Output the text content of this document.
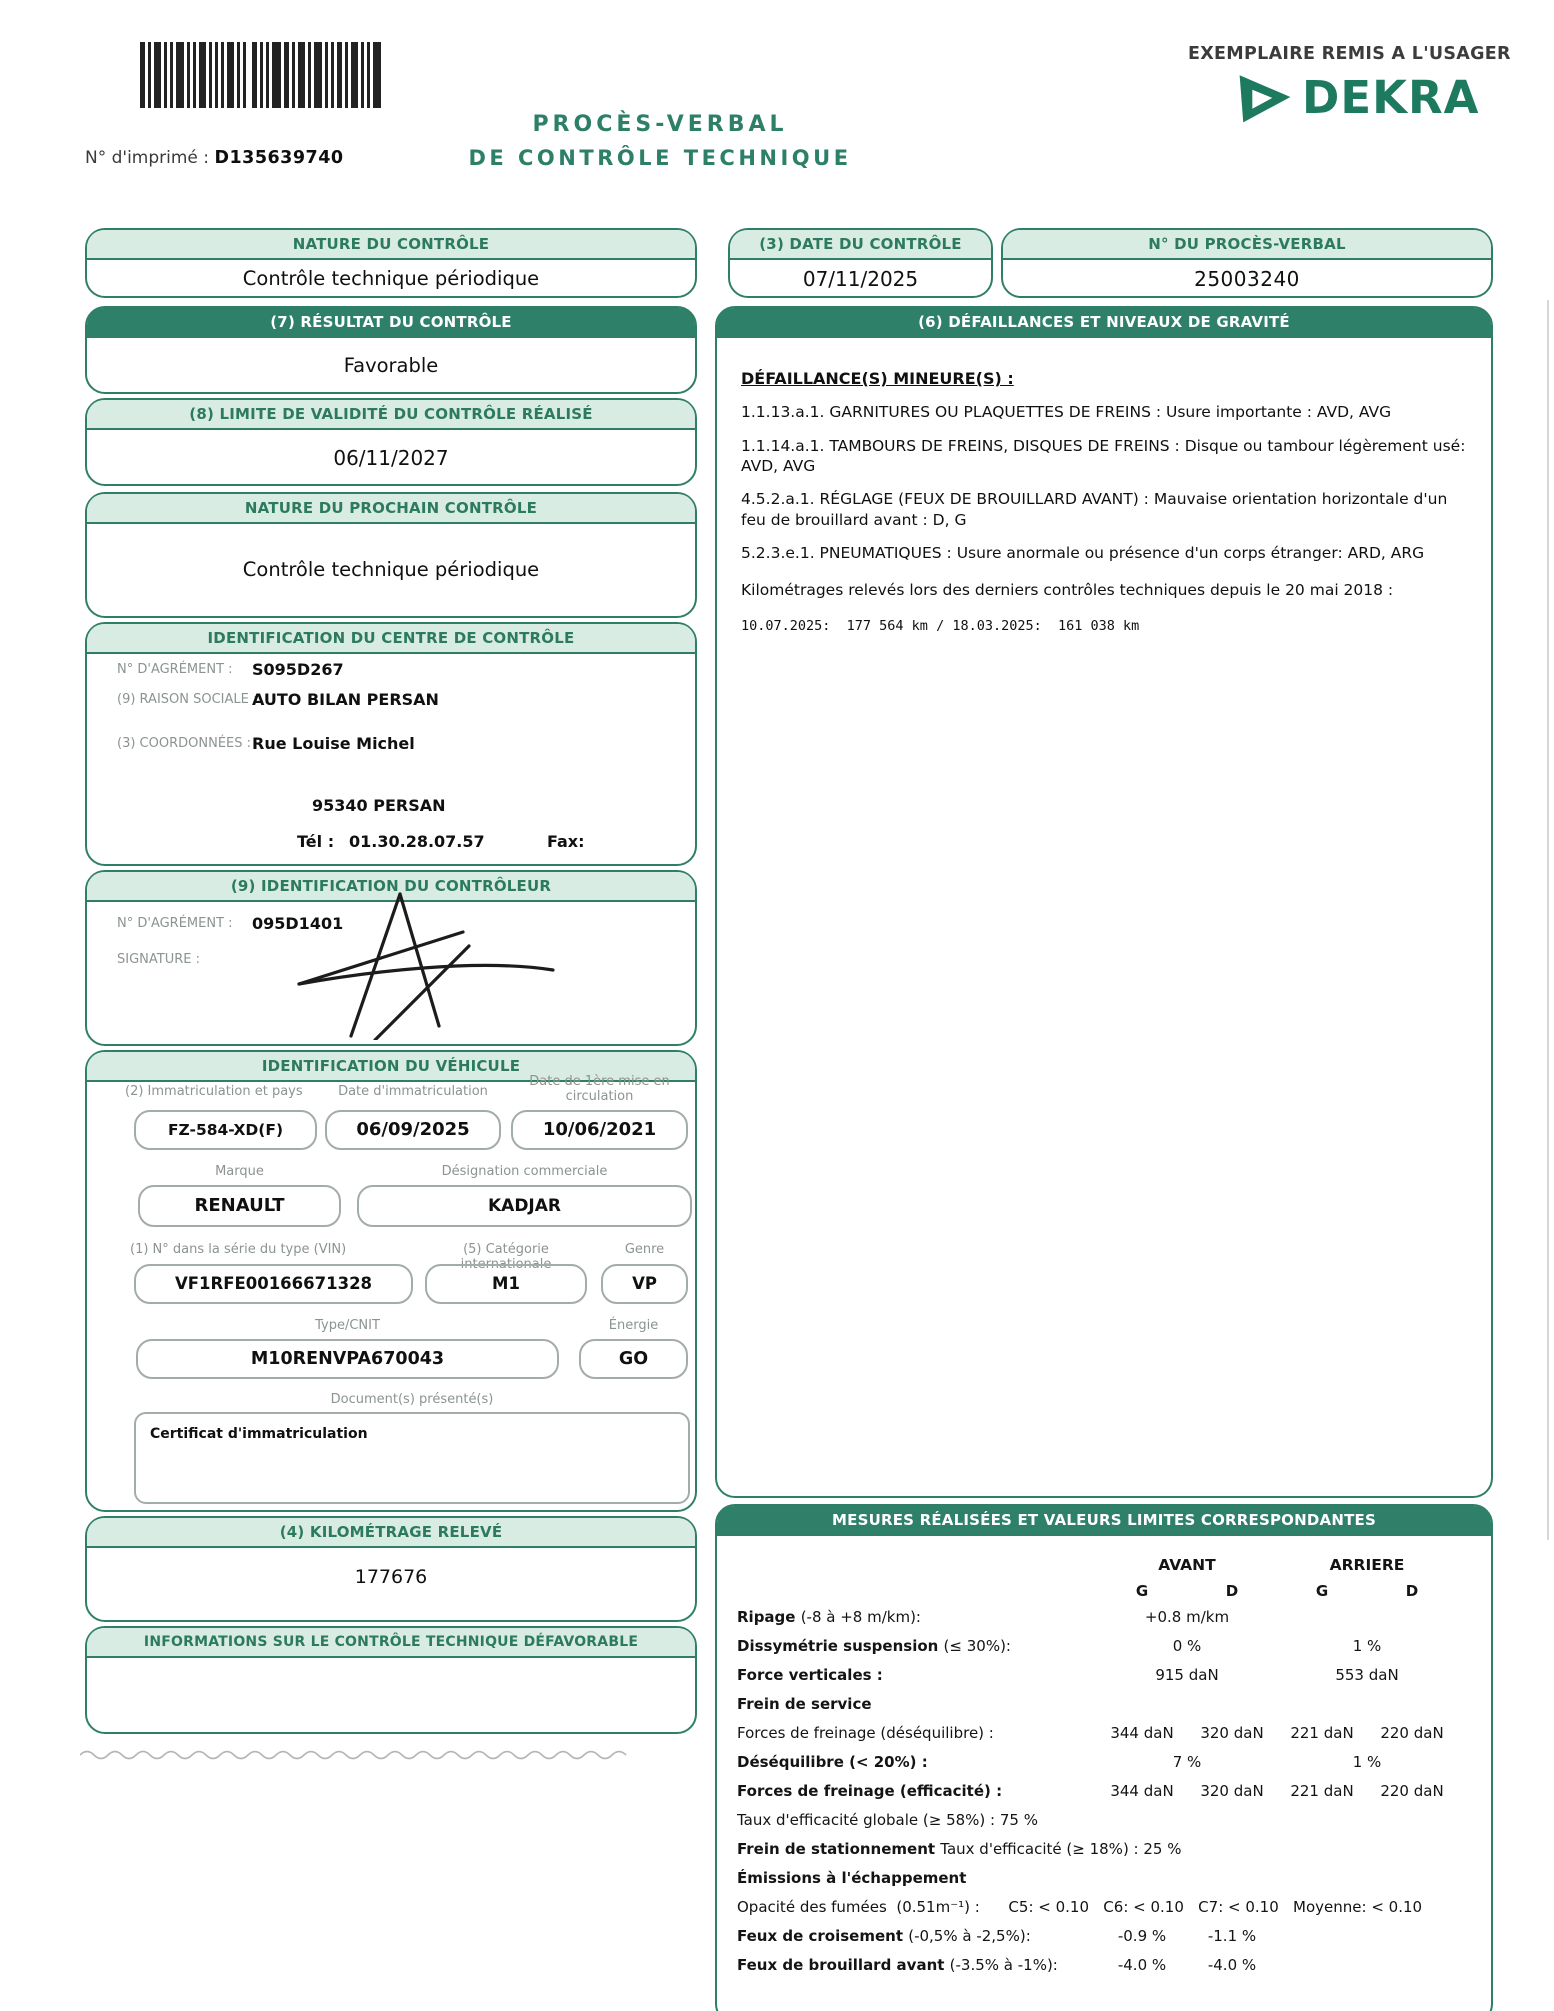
N° d'imprimé : D135639740
PROCÈS-VERBAL
DE CONTRÔLE TECHNIQUE
EXEMPLAIRE REMIS A L'USAGER
DEKRA
NATURE DU CONTRÔLE
Contrôle technique périodique
(7) RÉSULTAT DU CONTRÔLE
Favorable
(8) LIMITE DE VALIDITÉ DU CONTRÔLE RÉALISÉ
06/11/2027
NATURE DU PROCHAIN CONTRÔLE
Contrôle technique périodique
IDENTIFICATION DU CENTRE DE CONTRÔLE
N° D'AGRÉMENT : S095D267
(9) RAISON SOCIALE :
AUTO BILAN PERSAN
(3) COORDONNÉES : Rue Louise Michel
95340 PERSAN
Tél : 01.30.28.07.57	Fax:
(9) IDENTIFICATION DU CONTRÔLEUR
N° D'AGRÉMENT : 095D1401
SIGNATURE :
IDENTIFICATION DU VÉHICULE
(2) Immatriculation et pays	Date d'immatriculation
Date de 1ère mise en circulation
FZ-584-XD(F)	06/09/2025	10/06/2021
Marque	Désignation commerciale
RENAULT	KADJAR
(1) N° dans la série du type (VIN)	(5) Catégorie internationale
Genre
VF1RFE00166671328	M1	VP
Type/CNIT	Énergie
M10RENVPA670043	GO
Document(s) présenté(s)
Certificat d'immatriculation
(4) KILOMÉTRAGE RELEVÉ
177676
INFORMATIONS SUR LE CONTRÔLE TECHNIQUE DÉFAVORABLE
(3) DATE DU CONTRÔLE
07/11/2025
N° DU PROCÈS-VERBAL
25003240
(6) DÉFAILLANCES ET NIVEAUX DE GRAVITÉ
DÉFAILLANCE(S) MINEURE(S) :
1.1.13.a.1. GARNITURES OU PLAQUETTES DE FREINS : Usure importante : AVD, AVG
1.1.14.a.1. TAMBOURS DE FREINS, DISQUES DE FREINS : Disque ou tambour légèrement usé: AVD, AVG
4.5.2.a.1. RÉGLAGE (FEUX DE BROUILLARD AVANT) : Mauvaise orientation horizontale d'un feu de brouillard avant : D, G
5.2.3.e.1. PNEUMATIQUES : Usure anormale ou présence d'un corps étranger: ARD, ARG
Kilométrages relevés lors des derniers contrôles techniques depuis le 20 mai 2018 :
10.07.2025:  177 564 km / 18.03.2025:  161 038 km
MESURES RÉALISÉES ET VALEURS LIMITES CORRESPONDANTES
AVANT	ARRIERE
G	D	G	D
Ripage (-8 à +8 m/km):	+0.8 m/km
Dissymétrie suspension (≤ 30%):	0 %	1 %
Force verticales :	915 daN	553 daN
Frein de service
Forces de freinage (déséquilibre) :	344 daN	320 daN	221 daN	220 daN
Déséquilibre (< 20%) :	7 %	1 %
Forces de freinage (efficacité) :	344 daN	320 daN	221 daN	220 daN
Taux d'efficacité globale (≥ 58%) : 75 %
Frein de stationnement Taux d'efficacité (≥ 18%) : 25 %
Émissions à l'échappement
Opacité des fumées  (0.51m⁻¹) :      C5: < 0.10   C6: < 0.10   C7: < 0.10   Moyenne: < 0.10
Feux de croisement (-0,5% à -2,5%):	-0.9 %	-1.1 %
Feux de brouillard avant (-3.5% à -1%):	-4.0 %	-4.0 %
